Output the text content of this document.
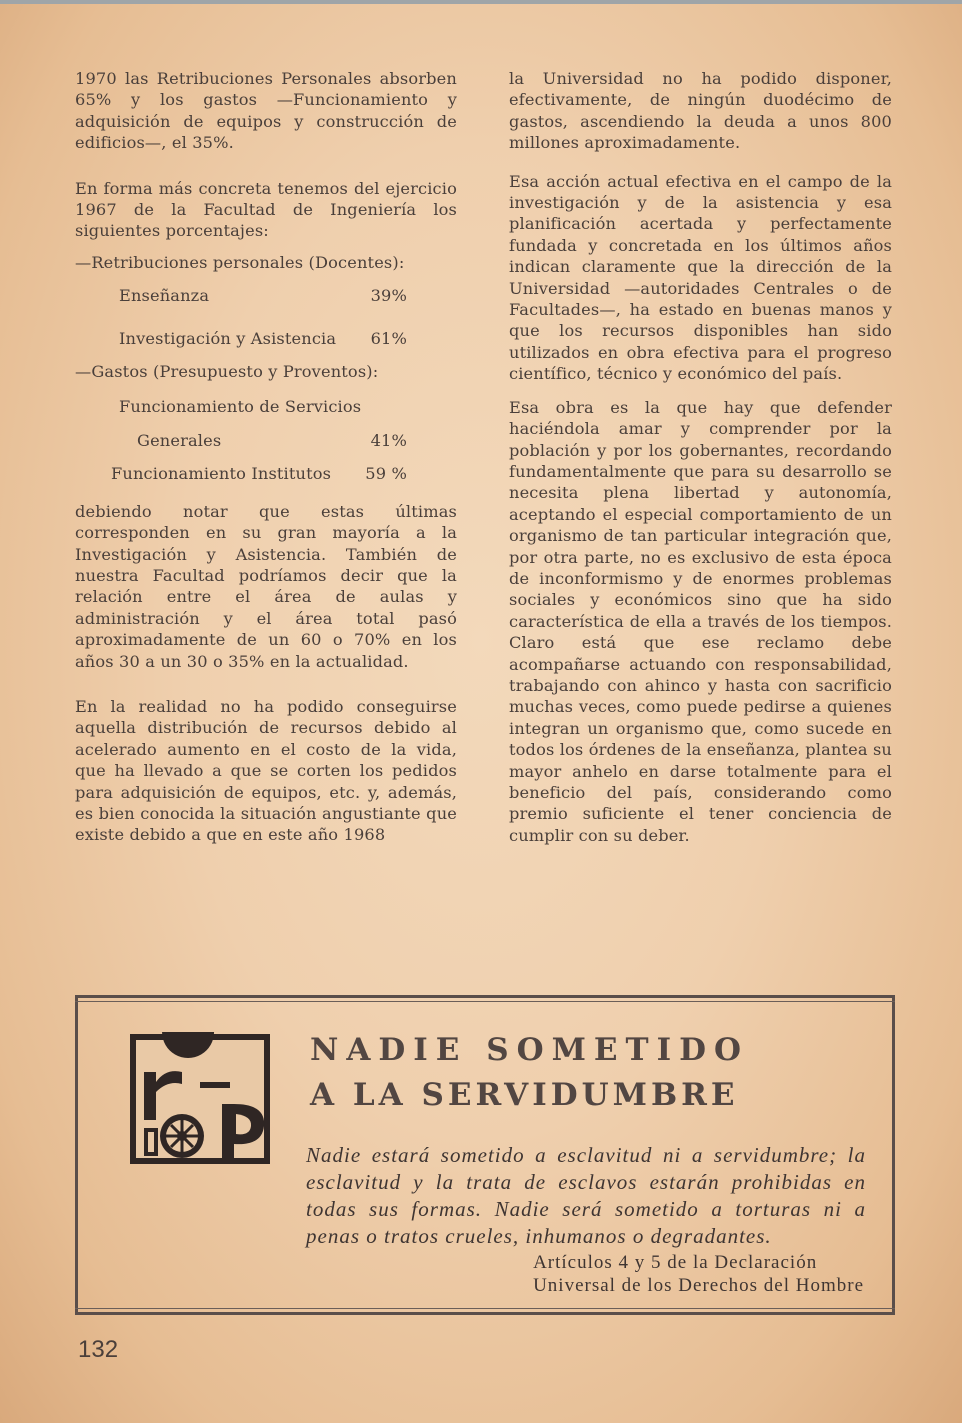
1970 las Retribuciones Personales absorben 65% y los gastos —Funcionamiento y adquisición de equipos y construcción de edificios—, el 35%.

En forma más concreta tenemos del ejercicio 1967 de la Facultad de Ingeniería los siguientes porcentajes:

—Retribuciones personales (Docentes):

Enseñanza	39%
Investigación y Asistencia 61%

—Gastos (Presupuesto y Proventos):

Funcionamiento de Servicios
Generales	41%
Funcionamiento Institutos 59 %

debiendo notar que estas últimas corresponden en su gran mayoría a la Investigación y Asistencia. También de nuestra Facultad podríamos decir que la relación entre el área de aulas y administración y el área total pasó aproximadamente de un 60 o 70% en los años 30 a un 30 o 35% en la actualidad.

En la realidad no ha podido conseguirse aquella distribución de recursos debido al acelerado aumento en el costo de la vida, que ha llevado a que se corten los pedidos para adquisición de equipos, etc. y, además, es bien conocida la situación angustiante que existe debido a que en este año 1968

la Universidad no ha podido disponer, efectivamente, de ningún duodécimo de gastos, ascendiendo la deuda a unos 800 millones aproximadamente.

Esa acción actual efectiva en el campo de la investigación y de la asistencia y esa planificación acertada y perfectamente fundada y concretada en los últimos años indican claramente que la dirección de la Universidad —autoridades Centrales o de Facultades—, ha estado en buenas manos y que los recursos disponibles han sido utilizados en obra efectiva para el progreso científico, técnico y económico del país.

Esa obra es la que hay que defender haciéndola amar y comprender por la población y por los gobernantes, recordando fundamentalmente que para su desarrollo se necesita plena libertad y autonomía, aceptando el especial comportamiento de un organismo de tan particular integración que, por otra parte, no es exclusivo de esta época de inconformismo y de enormes problemas sociales y económicos sino que ha sido característica de ella a través de los tiempos. Claro está que ese reclamo debe acompañarse actuando con responsabilidad, trabajando con ahinco y hasta con sacrificio muchas veces, como puede pedirse a quienes integran un organismo que, como sucede en todos los órdenes de la enseñanza, plantea su mayor anhelo en darse totalmente para el beneficio del país, considerando como premio suficiente el tener conciencia de cumplir con su deber.

NADIE SOMETIDO
A LA SERVIDUMBRE

Nadie estará sometido a esclavitud ni a servidumbre; la esclavitud y la trata de esclavos estarán prohibidas en todas sus formas. Nadie será sometido a torturas ni a penas o tratos crueles, inhumanos o degradantes.

Artículos 4 y 5 de la Declaración
Universal de los Derechos del Hombre
132
